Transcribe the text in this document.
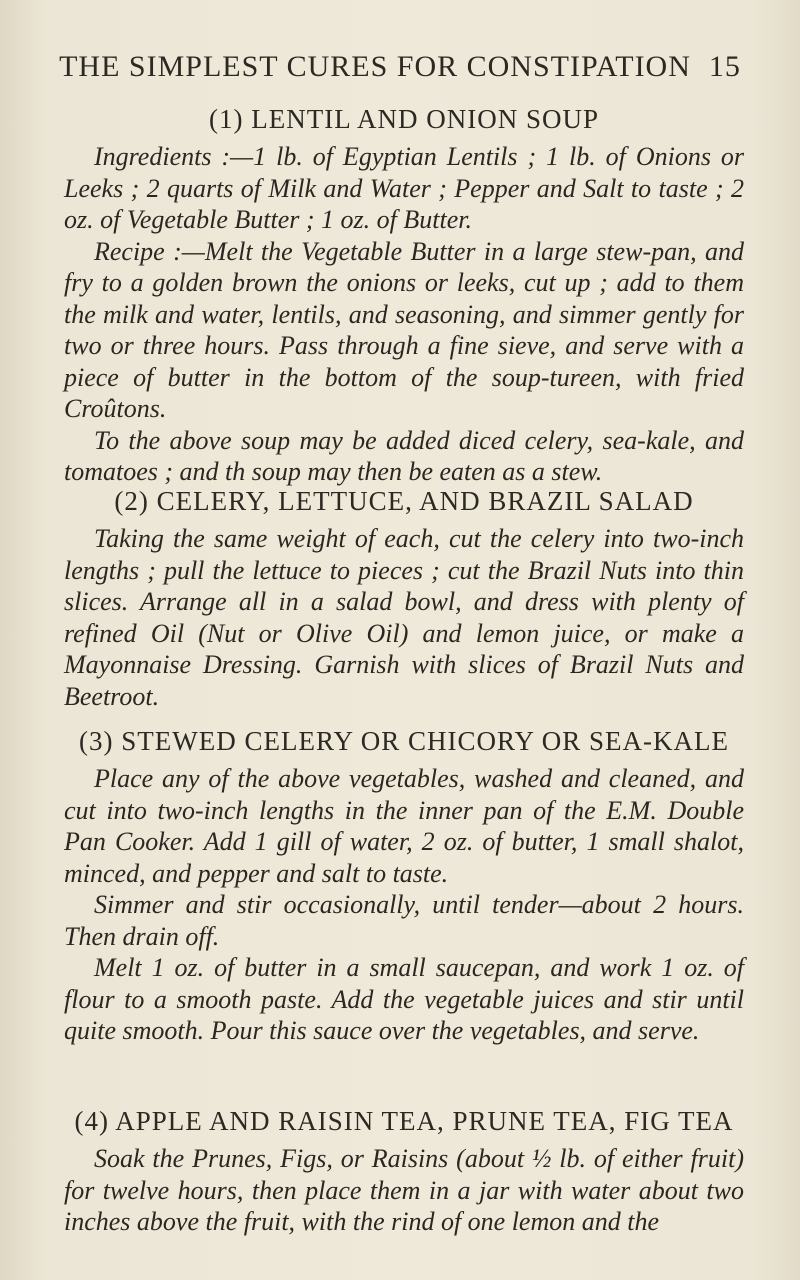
THE SIMPLEST CURES FOR CONSTIPATION 15
(1) LENTIL AND ONION SOUP

Ingredients :—1 lb. of Egyptian Lentils ; 1 lb. of Onions or Leeks ; 2 quarts of Milk and Water ; Pepper and Salt to taste ; 2 oz. of Vegetable Butter ; 1 oz. of Butter.

Recipe :—Melt the Vegetable Butter in a large stew-pan, and fry to a golden brown the onions or leeks, cut up ; add to them the milk and water, lentils, and seasoning, and simmer gently for two or three hours. Pass through a fine sieve, and serve with a piece of butter in the bottom of the soup-tureen, with fried Croûtons.

To the above soup may be added diced celery, sea-kale, and tomatoes ; and th soup may then be eaten as a stew.

(2) CELERY, LETTUCE, AND BRAZIL SALAD

Taking the same weight of each, cut the celery into two-inch lengths ; pull the lettuce to pieces ; cut the Brazil Nuts into thin slices. Arrange all in a salad bowl, and dress with plenty of refined Oil (Nut or Olive Oil) and lemon juice, or make a Mayonnaise Dressing. Garnish with slices of Brazil Nuts and Beetroot.

(3) STEWED CELERY OR CHICORY OR SEA-KALE

Place any of the above vegetables, washed and cleaned, and cut into two-inch lengths in the inner pan of the E.M. Double Pan Cooker. Add 1 gill of water, 2 oz. of butter, 1 small shalot, minced, and pepper and salt to taste.

Simmer and stir occasionally, until tender—about 2 hours. Then drain off.

Melt 1 oz. of butter in a small saucepan, and work 1 oz. of flour to a smooth paste. Add the vegetable juices and stir until quite smooth. Pour this sauce over the vegetables, and serve.

(4) APPLE AND RAISIN TEA, PRUNE TEA, FIG TEA

Soak the Prunes, Figs, or Raisins (about ½ lb. of either fruit) for twelve hours, then place them in a jar with water about two inches above the fruit, with the rind of one lemon and the
